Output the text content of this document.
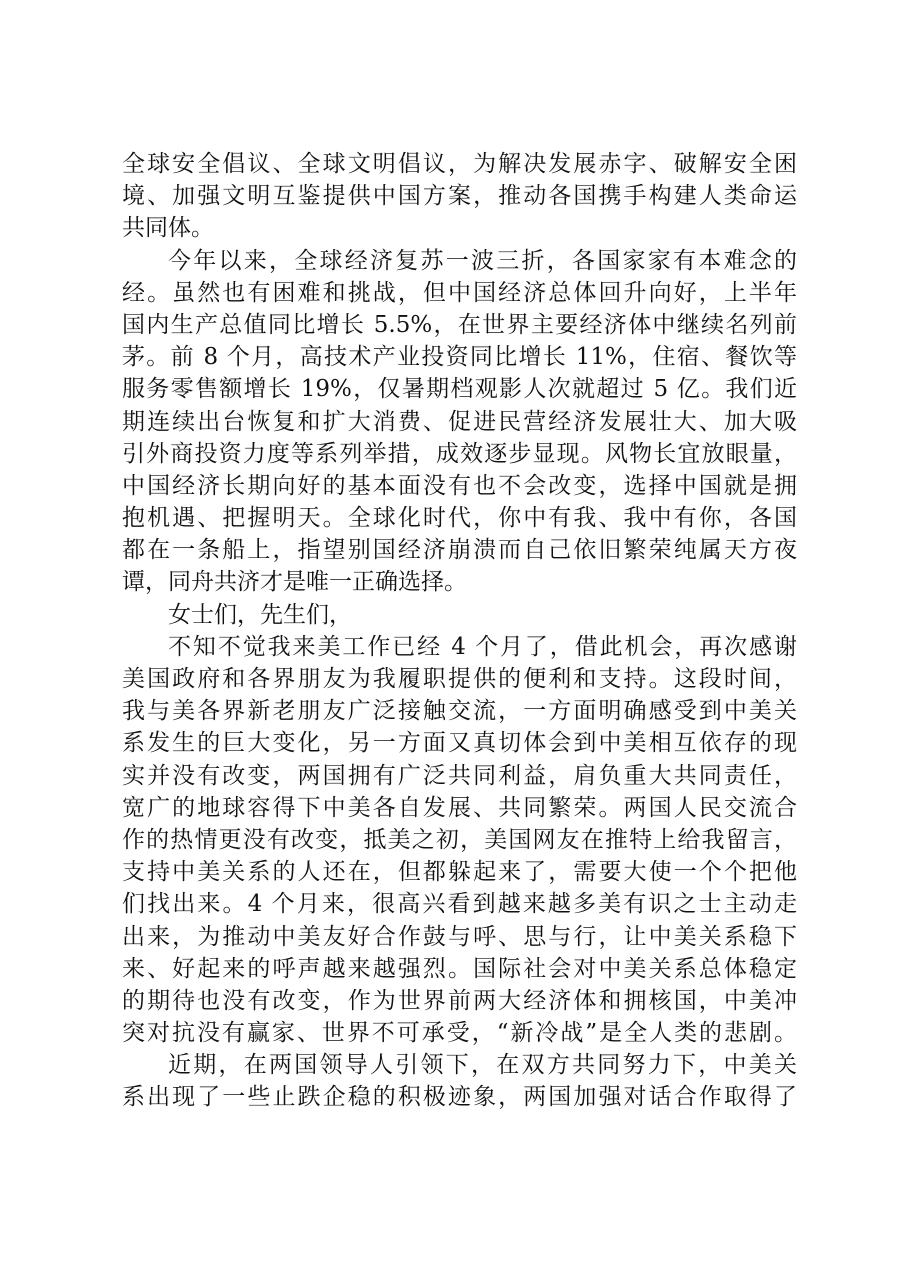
全球安全倡议、全球文明倡议，为解决发展赤字、破解安全困
境、加强文明互鉴提供中国方案，推动各国携手构建人类命运
共同体。
今年以来，全球经济复苏一波三折，各国家家有本难念的
经。虽然也有困难和挑战，但中国经济总体回升向好，上半年
国内生产总值同比增长 5.5%，在世界主要经济体中继续名列前
茅。前 8 个月，高技术产业投资同比增长 11%，住宿、餐饮等
服务零售额增长 19%，仅暑期档观影人次就超过 5 亿。我们近
期连续出台恢复和扩大消费、促进民营经济发展壮大、加大吸
引外商投资力度等系列举措，成效逐步显现。风物长宜放眼量，
中国经济长期向好的基本面没有也不会改变，选择中国就是拥
抱机遇、把握明天。全球化时代，你中有我、我中有你，各国
都在一条船上，指望别国经济崩溃而自己依旧繁荣纯属天方夜
谭，同舟共济才是唯一正确选择。
女士们，先生们，
不知不觉我来美工作已经 4 个月了，借此机会，再次感谢
美国政府和各界朋友为我履职提供的便利和支持。这段时间，
我与美各界新老朋友广泛接触交流，一方面明确感受到中美关
系发生的巨大变化，另一方面又真切体会到中美相互依存的现
实并没有改变，两国拥有广泛共同利益，肩负重大共同责任，
宽广的地球容得下中美各自发展、共同繁荣。两国人民交流合
作的热情更没有改变，抵美之初，美国网友在推特上给我留言，
支持中美关系的人还在，但都躲起来了，需要大使一个个把他
们找出来。4 个月来，很高兴看到越来越多美有识之士主动走
出来，为推动中美友好合作鼓与呼、思与行，让中美关系稳下
来、好起来的呼声越来越强烈。国际社会对中美关系总体稳定
的期待也没有改变，作为世界前两大经济体和拥核国，中美冲
突对抗没有赢家、世界不可承受，“新冷战”是全人类的悲剧。
近期，在两国领导人引领下，在双方共同努力下，中美关
系出现了一些止跌企稳的积极迹象，两国加强对话合作取得了
